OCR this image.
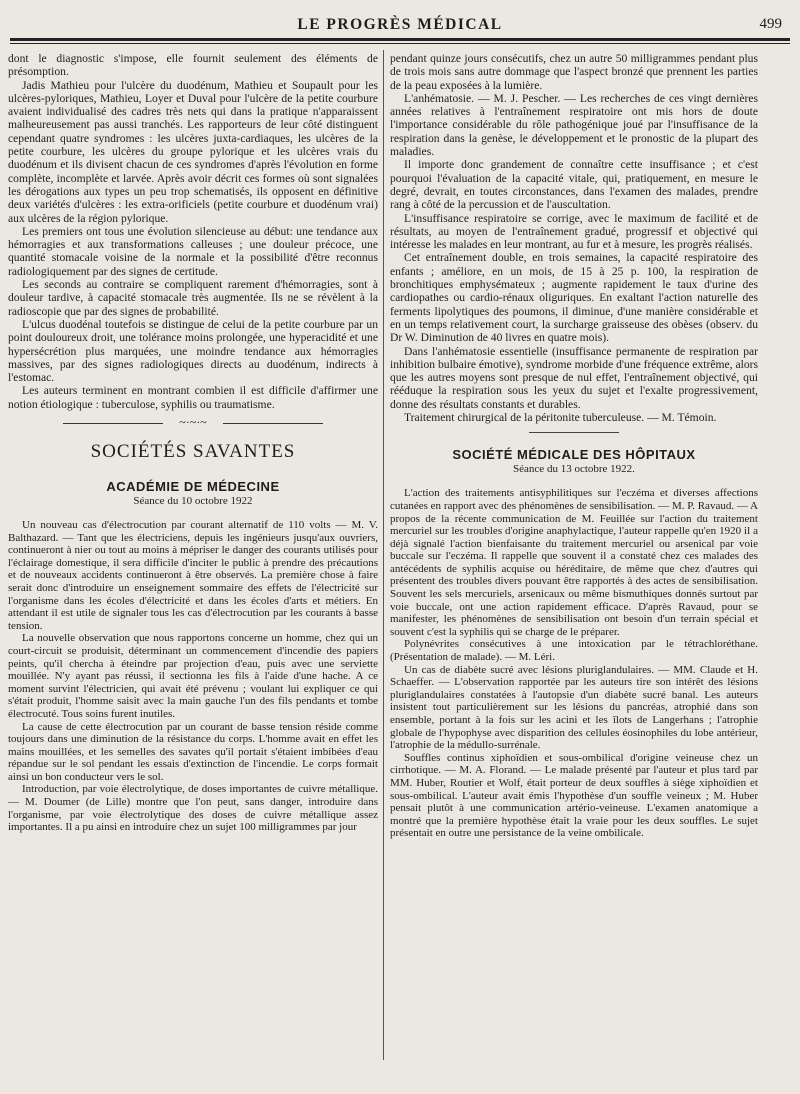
LE PROGRÈS MÉDICAL	499

dont le diagnostic s'impose, elle fournit seulement des éléments de présomption.

Jadis Mathieu pour l'ulcère du duodénum, Mathieu et Soupault pour les ulcères-pyloriques, Mathieu, Loyer et Duval pour l'ulcère de la petite courbure avaient individualisé des cadres très nets qui dans la pratique n'apparaissent malheureusement pas aussi tranchés. Les rapporteurs de leur côté distinguent cependant quatre syndromes : les ulcères juxta-cardiaques, les ulcères de la petite courbure, les ulcères du groupe pylorique et les ulcères vrais du duodénum et ils divisent chacun de ces syndromes d'après l'évolution en forme complète, incomplète et larvée. Après avoir décrit ces formes où sont signalées les dérogations aux types un peu trop schematisés, ils opposent en définitive deux variétés d'ulcères : les extra-orificiels (petite courbure et duodénum vrai) aux ulcères de la région pylorique.

Les premiers ont tous une évolution silencieuse au début: une tendance aux hémorragies et aux transformations calleuses ; une douleur précoce, une quantité stomacale voisine de la normale et la possibilité d'être reconnus radiologiquement par des signes de certitude.

Les seconds au contraire se compliquent rarement d'hémorragies, sont à douleur tardive, à capacité stomacale très augmentée. Ils ne se révèlent à la radioscopie que par des signes de probabilité.

L'ulcus duodénal toutefois se distingue de celui de la petite courbure par un point douloureux droit, une tolérance moins prolongée, une hyperacidité et une hypersécrétion plus marquées, une moindre tendance aux hémorragies massives, par des signes radiologiques directs au duodénum, indirects à l'estomac.

Les auteurs terminent en montrant combien il est difficile d'affirmer une notion étiologique : tuberculose, syphilis ou traumatisme.

~·~·~
SOCIÉTÉS SAVANTES
ACADÉMIE DE MÉDECINE
Séance du 10 octobre 1922

Un nouveau cas d'électrocution par courant alternatif de 110 volts — M. V. Balthazard. — Tant que les électriciens, depuis les ingénieurs jusqu'aux ouvriers, continueront à nier ou tout au moins à mépriser le danger des courants utilisés pour l'éclairage domestique, il sera difficile d'inciter le public à prendre des précautions et de nouveaux accidents continueront à être observés. La première chose à faire serait donc d'introduire un enseignement sommaire des effets de l'électricité sur l'organisme dans les écoles d'électricité et dans les écoles d'arts et métiers. En attendant il est utile de signaler tous les cas d'électrocution par les courants à basse tension.

La nouvelle observation que nous rapportons concerne un homme, chez qui un court-circuit se produisit, déterminant un commencement d'incendie des papiers peints, qu'il chercha à éteindre par projection d'eau, puis avec une serviette mouillée. N'y ayant pas réussi, il sectionna les fils à l'aide d'une hache. A ce moment survint l'électricien, qui avait été prévenu ; voulant lui expliquer ce qui s'était produit, l'homme saisit avec la main gauche l'un des fils pendants et tombe électrocuté. Tous soins furent inutiles.

La cause de cette électrocution par un courant de basse tension réside comme toujours dans une diminution de la résistance du corps. L'homme avait en effet les mains mouillées, et les semelles des savates qu'il portait s'étaient imbibées d'eau répandue sur le sol pendant les essais d'extinction de l'incendie. Le corps formait ainsi un bon conducteur vers le sol.

Introduction, par voie électrolytique, de doses importantes de cuivre métallique. — M. Doumer (de Lille) montre que l'on peut, sans danger, introduire dans l'organisme, par voie électrolytique des doses de cuivre métallique assez importantes. Il a pu ainsi en introduire chez un sujet 100 milligrammes par jour

pendant quinze jours consécutifs, chez un autre 50 milligrammes pendant plus de trois mois sans autre dommage que l'aspect bronzé que prennent les parties de la peau exposées à la lumière.

L'anhématosie. — M. J. Pescher. — Les recherches de ces vingt dernières années relatives à l'entraînement respiratoire ont mis hors de doute l'importance considérable du rôle pathogénique joué par l'insuffisance de la respiration dans la genèse, le développement et le pronostic de la plupart des maladies.

Il importe donc grandement de connaître cette insuffisance ; et c'est pourquoi l'évaluation de la capacité vitale, qui, pratiquement, en mesure le degré, devrait, en toutes circonstances, dans l'examen des malades, prendre rang à côté de la percussion et de l'auscultation.

L'insuffisance respiratoire se corrige, avec le maximum de facilité et de résultats, au moyen de l'entraînement gradué, progressif et objectivé qui intéresse les malades en leur montrant, au fur et à mesure, les progrès réalisés.

Cet entraînement double, en trois semaines, la capacité respiratoire des enfants ; améliore, en un mois, de 15 à 25 p. 100, la respiration de bronchitiques emphysémateux ; augmente rapidement le taux d'urine des cardiopathes ou cardio-rénaux oliguriques. En exaltant l'action naturelle des ferments lipolytiques des poumons, il diminue, d'une manière considérable et en un temps relativement court, la surcharge graisseuse des obèses (observ. du Dr W. Diminution de 40 livres en quatre mois).

Dans l'anhématosie essentielle (insuffisance permanente de respiration par inhibition bulbaire émotive), syndrome morbide d'une fréquence extrême, alors que les autres moyens sont presque de nul effet, l'entraînement objectivé, qui rééduque la respiration sous les yeux du sujet et l'exalte progressivement, donne des résultats constants et durables.

Traitement chirurgical de la péritonite tuberculeuse. — M. Témoin.

SOCIÉTÉ MÉDICALE DES HÔPITAUX
Séance du 13 octobre 1922.

L'action des traitements antisyphilitiques sur l'eczéma et diverses affections cutanées en rapport avec des phénomènes de sensibilisation. — M. P. Ravaud. — A propos de la récente communication de M. Feuillée sur l'action du traitement mercuriel sur les troubles d'origine anaphylactique, l'auteur rappelle qu'en 1920 il a déjà signalé l'action bienfaisante du traitement mercuriel ou arsenical par voie buccale sur l'eczéma. Il rappelle que souvent il a constaté chez ces malades des antécédents de syphilis acquise ou héréditaire, de même que chez d'autres qui présentent des troubles divers pouvant être rapportés à des actes de sensibilisation. Souvent les sels mercuriels, arsenicaux ou même bismuthiques donnés surtout par voie buccale, ont une action rapidement efficace. D'après Ravaud, pour se manifester, les phénomènes de sensibilisation ont besoin d'un terrain spécial et souvent c'est la syphilis qui se charge de le préparer.

Polynévrites consécutives à une intoxication par le tétrachloréthane. (Présentation de malade). — M. Léri.

Un cas de diabète sucré avec lésions pluriglandulaires. — MM. Claude et H. Schaeffer. — L'observation rapportée par les auteurs tire son intérêt des lésions pluriglandulaires constatées à l'autopsie d'un diabète sucré banal. Les auteurs insistent tout particulièrement sur les lésions du pancréas, atrophié dans son ensemble, portant à la fois sur les acini et les îlots de Langerhans ; l'atrophie globale de l'hypophyse avec disparition des cellules éosinophiles du lobe antérieur, l'atrophie de la médullo-surrénale.

Souffles continus xiphoïdien et sous-ombilical d'origine veineuse chez un cirrhotique. — M. A. Florand. — Le malade présenté par l'auteur et plus tard par MM. Huber, Routier et Wolf, était porteur de deux souffles à siège xiphoïdien et sous-ombilical. L'auteur avait émis l'hypothèse d'un souffle veineux ; M. Huber pensait plutôt à une communication artério-veineuse. L'examen anatomique a montré que la première hypothèse était la vraie pour les deux souffles. Le sujet présentait en outre une persistance de la veine ombilicale.
